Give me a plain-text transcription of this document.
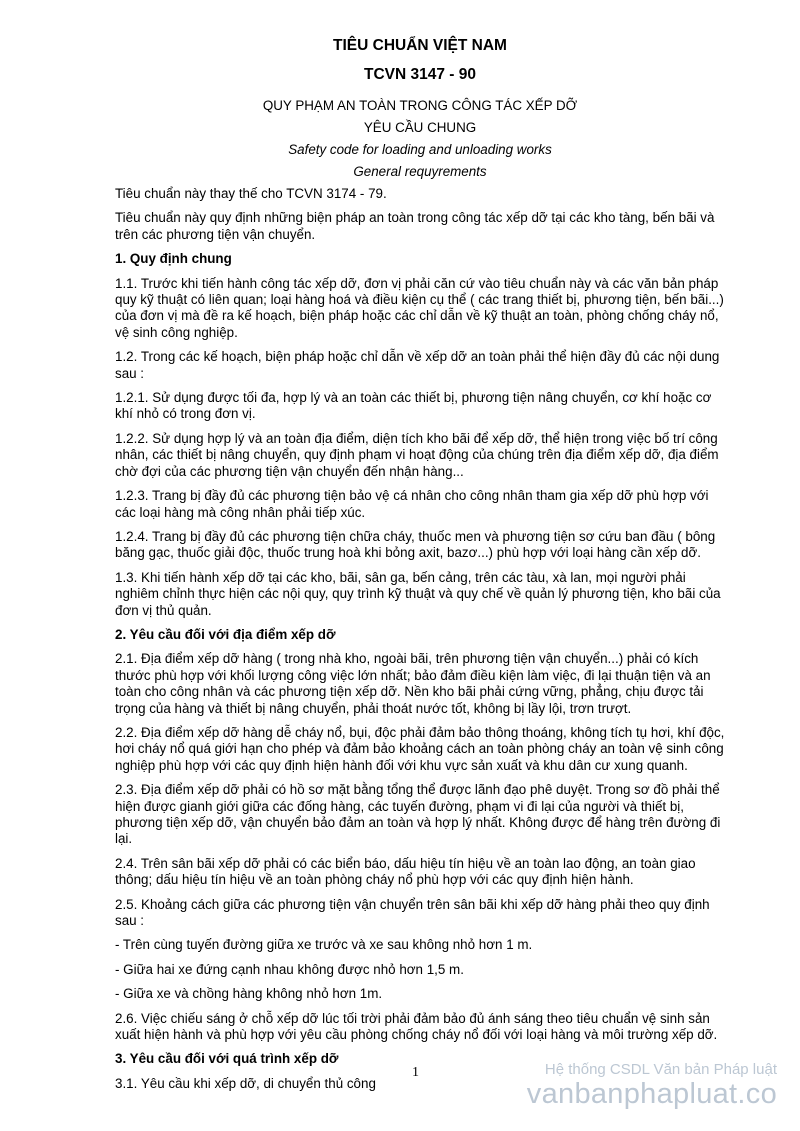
TIÊU CHUẨN VIỆT NAM
TCVN 3147 - 90
QUY PHẠM AN TOÀN TRONG CÔNG TÁC XẾP DỠ
YÊU CẦU CHUNG
Safety code for loading and unloading works
General requyrements

Tiêu chuẩn này thay thế cho TCVN 3174 - 79.

Tiêu chuẩn này quy định những biện pháp an toàn trong công tác xếp dỡ tại các kho tàng, bến bãi và trên các phương tiện vận chuyển.

1. Quy định chung

1.1. Trước khi tiến hành công tác xếp dỡ, đơn vị phải căn cứ vào tiêu chuẩn này và các văn bản pháp quy kỹ thuật có liên quan; loại hàng hoá và điều kiện cụ thể ( các trang thiết bị, phương tiện, bến bãi...) của đơn vị mà đề ra kế hoạch, biện pháp hoặc các chỉ dẫn về kỹ thuật an toàn, phòng chống cháy nổ, vệ sinh công nghiệp.

1.2. Trong các kế hoạch, biện pháp hoặc chỉ dẫn về xếp dỡ an toàn phải thể hiện đầy đủ các nội dung sau :

1.2.1. Sử dụng được tối đa, hợp lý và an toàn các thiết bị, phương tiện nâng chuyển, cơ khí hoặc cơ khí nhỏ có trong đơn vị.

1.2.2. Sử dụng hợp lý và an toàn địa điểm, diện tích kho bãi để xếp dỡ, thể hiện trong việc bố trí công nhân, các thiết bị nâng chuyển, quy định phạm vi hoạt động của chúng trên địa điểm xếp dỡ, địa điểm chờ đợi của các phương tiện vận chuyển đến nhận hàng...

1.2.3. Trang bị đầy đủ các phương tiện bảo vệ cá nhân cho công nhân tham gia xếp dỡ phù hợp với các loại hàng mà công nhân phải tiếp xúc.

1.2.4. Trang bị đầy đủ các phương tiện chữa cháy, thuốc men và phương tiện sơ cứu ban đầu ( bông băng gạc, thuốc giải độc, thuốc trung hoà khi bỏng axit, bazơ...) phù hợp với loại hàng cần xếp dỡ.

1.3. Khi tiến hành xếp dỡ tại các kho, bãi, sân ga, bến cảng, trên các tàu, xà lan, mọi người phải nghiêm chỉnh thực hiện các nội quy, quy trình kỹ thuật và quy chế về quản lý phương tiện, kho bãi của đơn vị thủ quản.

2. Yêu cầu đối với địa điểm xếp dỡ

2.1. Địa điểm xếp dỡ hàng ( trong nhà kho, ngoài bãi, trên phương tiện vận chuyển...) phải có kích thước phù hợp với khối lượng công việc lớn nhất; bảo đảm điều kiện làm việc, đi lại thuận tiện và an toàn cho công nhân và các phương tiện xếp dỡ. Nền kho bãi phải cứng vững, phẳng, chịu được tải trọng của hàng và thiết bị nâng chuyển, phải thoát nước tốt, không bị lầy lội, trơn trượt.

2.2. Địa điểm xếp dỡ hàng dễ cháy nổ, bụi, độc phải đảm bảo thông thoáng, không tích tụ hơi, khí độc, hơi cháy nổ quá giới hạn cho phép và đảm bảo khoảng cách an toàn phòng cháy an toàn vệ sinh công nghiệp phù hợp với các quy định hiện hành đối với khu vực sản xuất và khu dân cư xung quanh.

2.3. Địa điểm xếp dỡ phải có hồ sơ mặt bằng tổng thể được lãnh đạo phê duyệt. Trong sơ đồ phải thể hiện được gianh giới giữa các đống hàng, các tuyến đường, phạm vi đi lại của người và thiết bị, phương tiện xếp dỡ, vận chuyển bảo đảm an toàn và hợp lý nhất. Không được để hàng trên đường đi lại.

2.4. Trên sân bãi xếp dỡ phải có các biển báo, dấu hiệu tín hiệu về an toàn lao động, an toàn giao thông; dấu hiệu tín hiệu về an toàn phòng cháy nổ phù hợp với các quy định hiện hành.

2.5. Khoảng cách giữa các phương tiện vận chuyển trên sân bãi khi xếp dỡ hàng phải theo quy định sau :

- Trên cùng tuyến đường giữa xe trước và xe sau không nhỏ hơn 1 m.

- Giữa hai xe đứng cạnh nhau không được nhỏ hơn 1,5 m.

- Giữa xe và chồng hàng không nhỏ hơn 1m.

2.6. Việc chiếu sáng ở chỗ xếp dỡ lúc tối trời phải đảm bảo đủ ánh sáng theo tiêu chuẩn vệ sinh sản xuất hiện hành và phù hợp với yêu cầu phòng chống cháy nổ đối với loại hàng và môi trường xếp dỡ.

3. Yêu cầu đối với quá trình xếp dỡ

3.1. Yêu cầu khi xếp dỡ, di chuyển thủ công

1	Hệ thống CSDL Văn bản Pháp luật
vanbanphapluat.co
